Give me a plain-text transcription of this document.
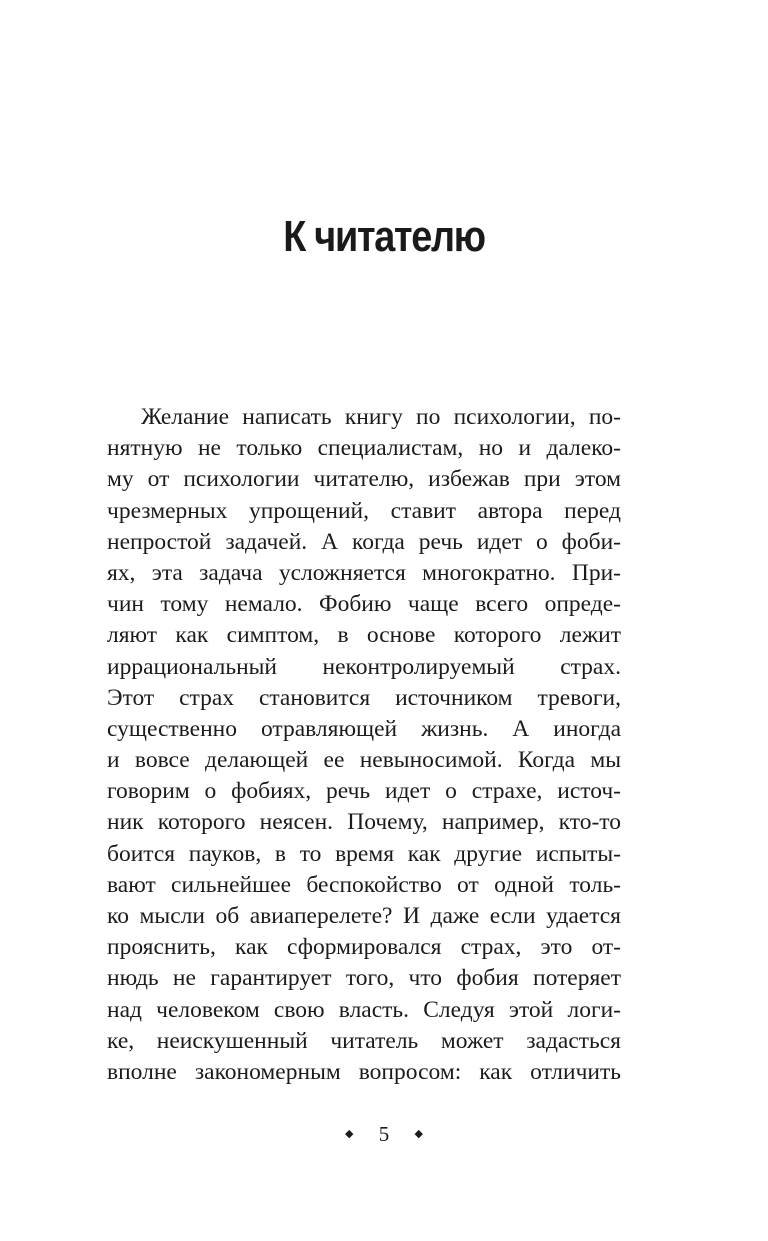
К читателю
Желание написать книгу по психологии, по-
нятную не только специалистам, но и далеко-
му от психологии читателю, избежав при этом
чрезмерных упрощений, ставит автора перед
непростой задачей. А когда речь идет о фоби-
ях, эта задача усложняется многократно. При-
чин тому немало. Фобию чаще всего опреде-
ляют как симптом, в основе которого лежит
иррациональный неконтролируемый страх.
Этот страх становится источником тревоги,
существенно отравляющей жизнь. А иногда
и вовсе делающей ее невыносимой. Когда мы
говорим о фобиях, речь идет о страхе, источ-
ник которого неясен. Почему, например, кто-то
боится пауков, в то время как другие испыты-
вают сильнейшее беспокойство от одной толь-
ко мысли об авиаперелете? И даже если удается
прояснить, как сформировался страх, это от-
нюдь не гарантирует того, что фобия потеряет
над человеком свою власть. Следуя этой логи-
ке, неискушенный читатель может задасться
вполне закономерным вопросом: как отличить
◆ 5 ◆
